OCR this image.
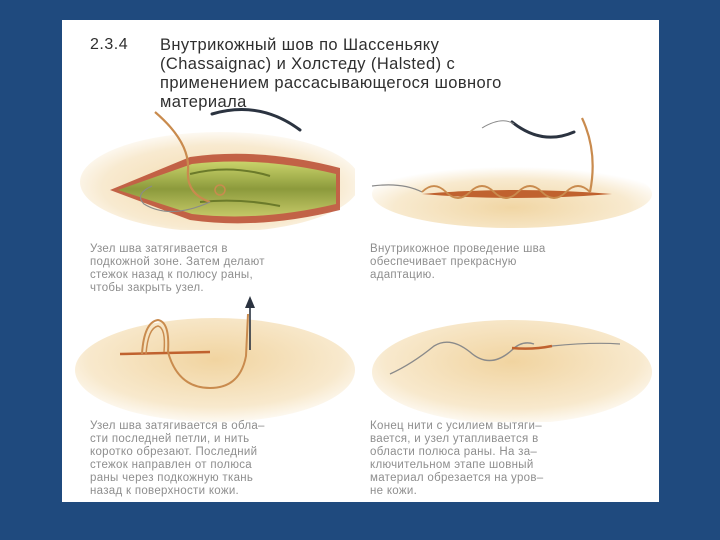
2.3.4 Внутрикожный шов по Шассеньяку
(Chassaignac) и Холстеду (Halsted) с
применением рассасывающегося шовного
материала
Узел шва затягивается в
подкожной зоне. Затем делают
стежок назад к полюсу раны,
чтобы закрыть узел.
Внутрикожное проведение шва
обеспечивает прекрасную
адаптацию.
Узел шва затягивается в обла–
сти последней петли, и нить
коротко обрезают. Последний
стежок направлен от полюса
раны через подкожную ткань
назад к поверхности кожи.
Конец нити с усилием вытяги–
вается, и узел утапливается в
области полюса раны. На за–
ключительном этапе шовный
материал обрезается на уров–
не кожи.
